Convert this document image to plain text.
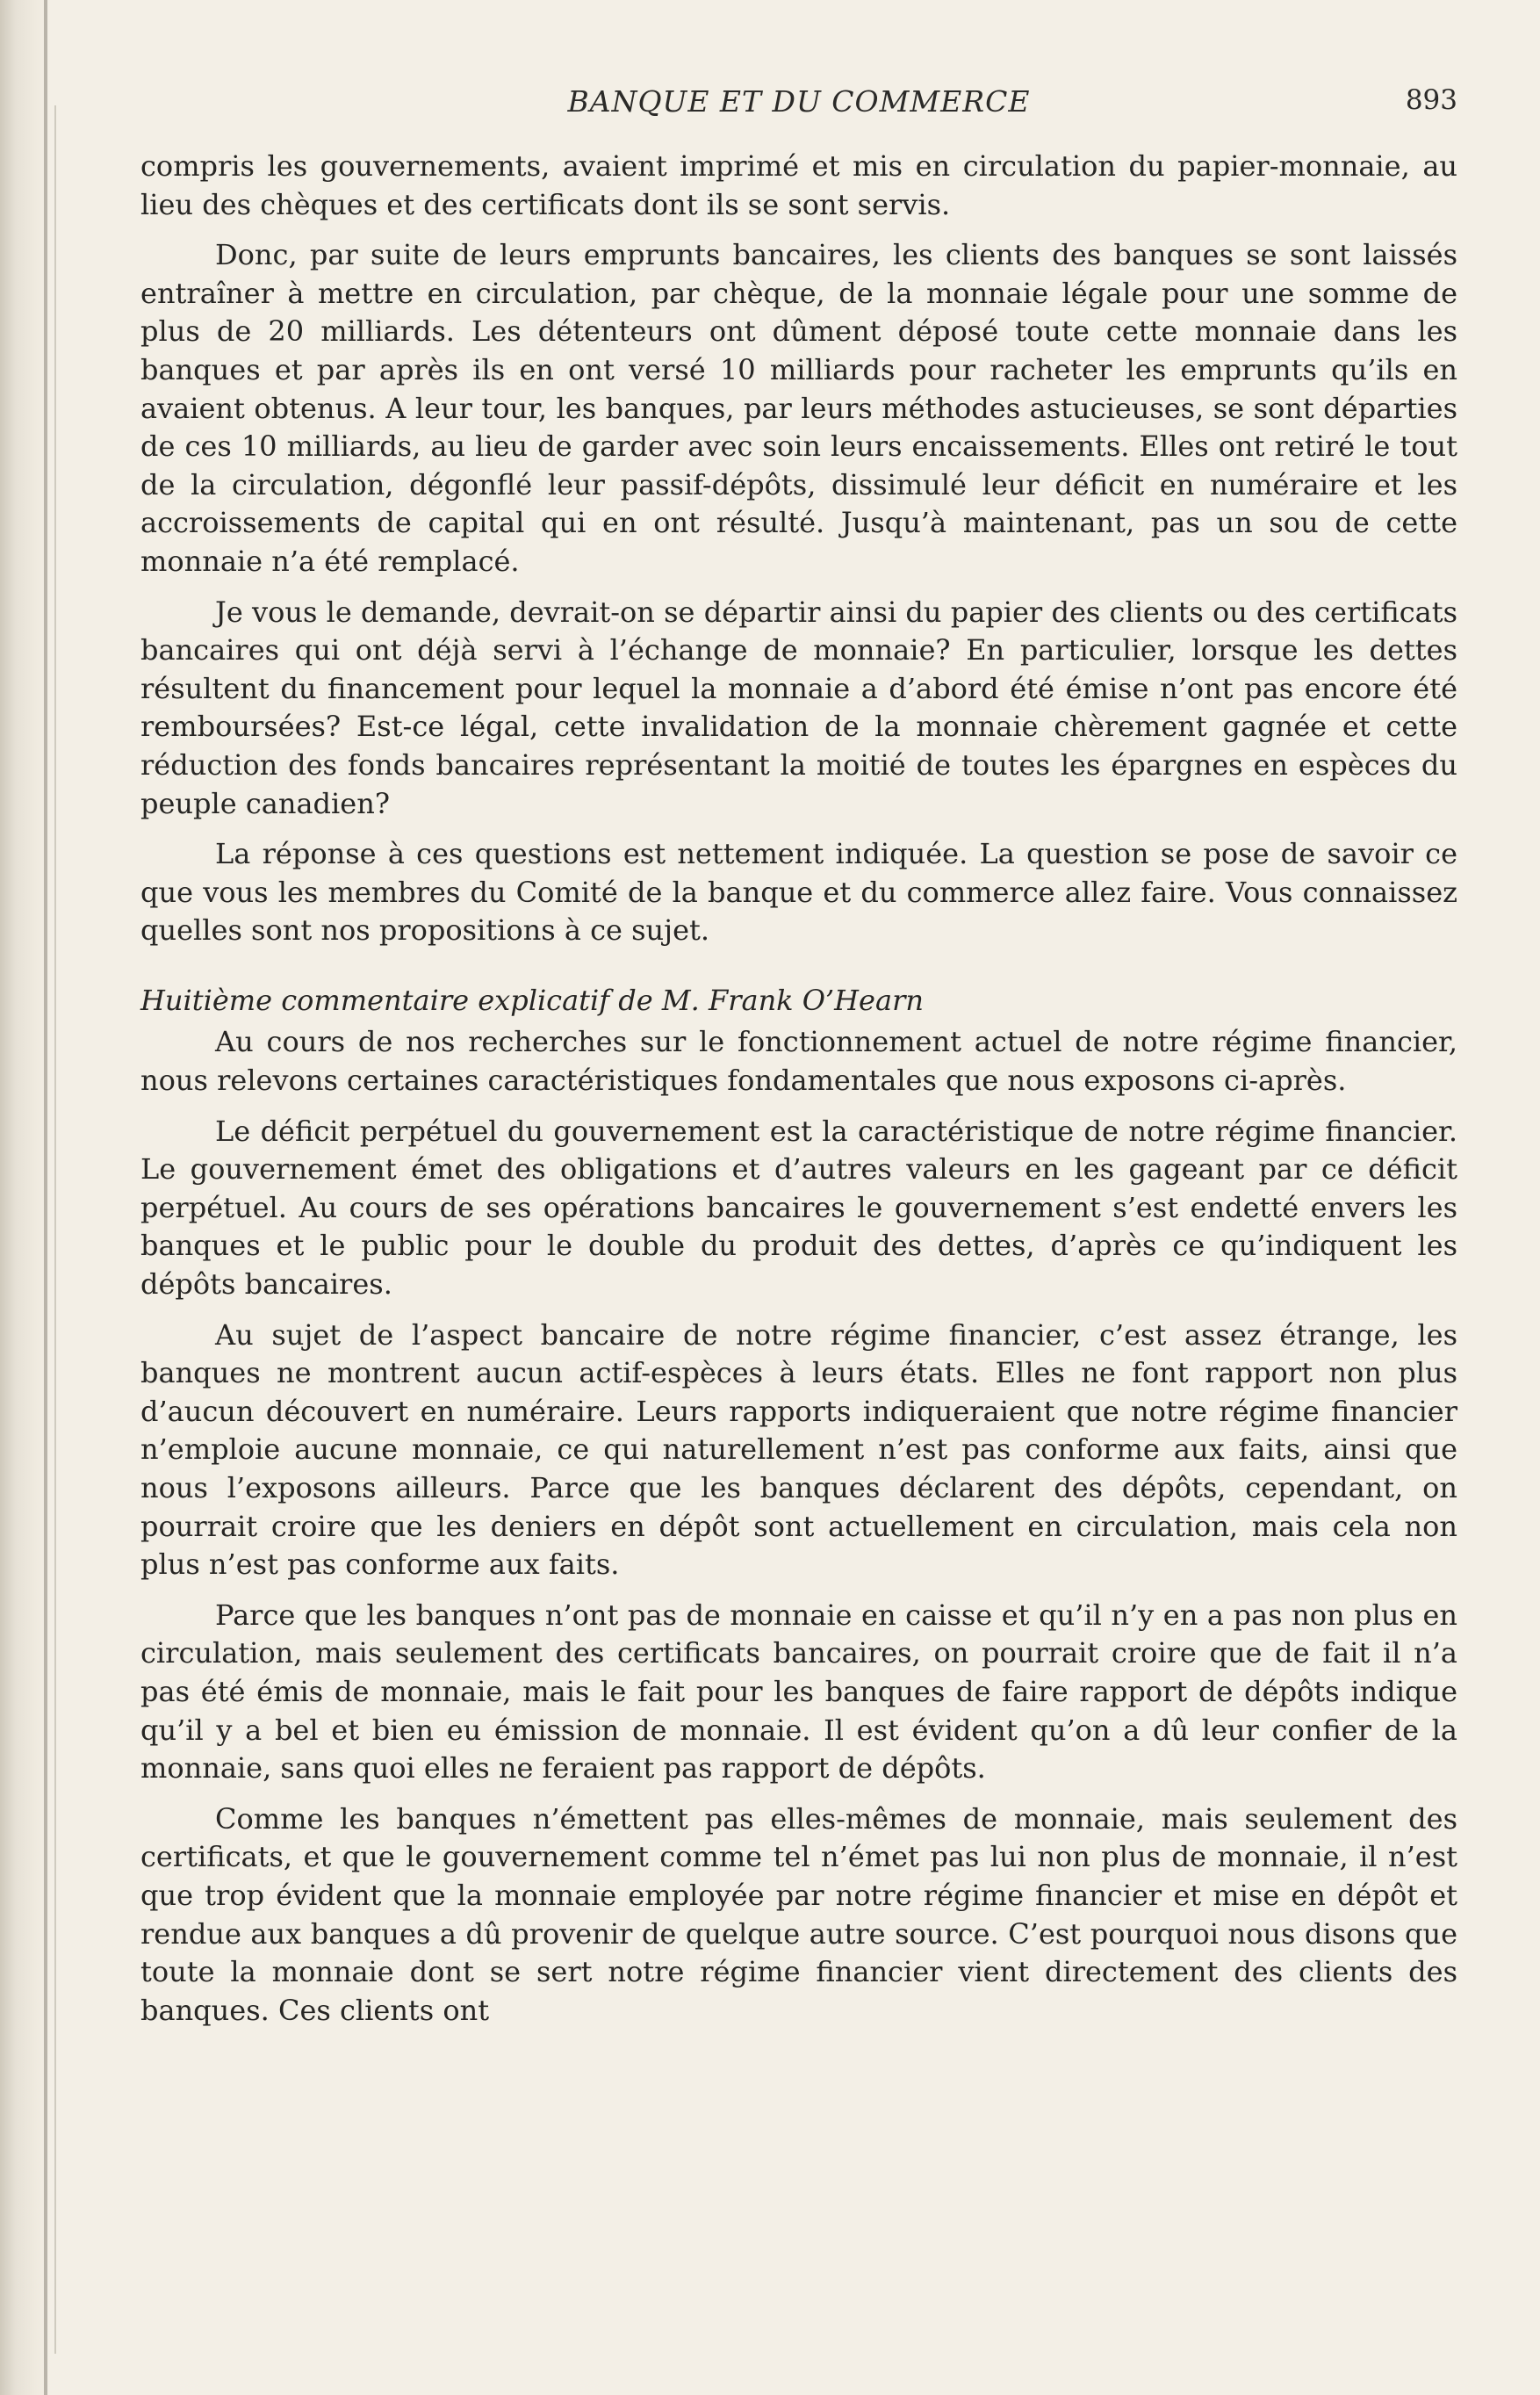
BANQUE ET DU COMMERCE	893

compris les gouvernements, avaient imprimé et mis en circulation du papier-monnaie, au lieu des chèques et des certificats dont ils se sont servis.

Donc, par suite de leurs emprunts bancaires, les clients des banques se sont laissés entraîner à mettre en circulation, par chèque, de la monnaie légale pour une somme de plus de 20 milliards. Les détenteurs ont dûment déposé toute cette monnaie dans les banques et par après ils en ont versé 10 milliards pour racheter les emprunts qu’ils en avaient obtenus. A leur tour, les banques, par leurs méthodes astucieuses, se sont départies de ces 10 milliards, au lieu de garder avec soin leurs encaissements. Elles ont retiré le tout de la circulation, dégonflé leur passif-dépôts, dissimulé leur déficit en numéraire et les accroissements de capital qui en ont résulté. Jusqu’à maintenant, pas un sou de cette monnaie n’a été remplacé.

Je vous le demande, devrait-on se départir ainsi du papier des clients ou des certificats bancaires qui ont déjà servi à l’échange de monnaie? En particulier, lorsque les dettes résultent du financement pour lequel la monnaie a d’abord été émise n’ont pas encore été remboursées? Est-ce légal, cette invalidation de la monnaie chèrement gagnée et cette réduction des fonds bancaires représentant la moitié de toutes les épargnes en espèces du peuple canadien?

La réponse à ces questions est nettement indiquée. La question se pose de savoir ce que vous les membres du Comité de la banque et du commerce allez faire. Vous connaissez quelles sont nos propositions à ce sujet.

Huitième commentaire explicatif de M. Frank O’Hearn

Au cours de nos recherches sur le fonctionnement actuel de notre régime financier, nous relevons certaines caractéristiques fondamentales que nous exposons ci-après.

Le déficit perpétuel du gouvernement est la caractéristique de notre régime financier. Le gouvernement émet des obligations et d’autres valeurs en les gageant par ce déficit perpétuel. Au cours de ses opérations bancaires le gouvernement s’est endetté envers les banques et le public pour le double du produit des dettes, d’après ce qu’indiquent les dépôts bancaires.

Au sujet de l’aspect bancaire de notre régime financier, c’est assez étrange, les banques ne montrent aucun actif-espèces à leurs états. Elles ne font rapport non plus d’aucun découvert en numéraire. Leurs rapports indiqueraient que notre régime financier n’emploie aucune monnaie, ce qui naturellement n’est pas conforme aux faits, ainsi que nous l’exposons ailleurs. Parce que les banques déclarent des dépôts, cependant, on pourrait croire que les deniers en dépôt sont actuellement en circulation, mais cela non plus n’est pas conforme aux faits.

Parce que les banques n’ont pas de monnaie en caisse et qu’il n’y en a pas non plus en circulation, mais seulement des certificats bancaires, on pourrait croire que de fait il n’a pas été émis de monnaie, mais le fait pour les banques de faire rapport de dépôts indique qu’il y a bel et bien eu émission de monnaie. Il est évident qu’on a dû leur confier de la monnaie, sans quoi elles ne feraient pas rapport de dépôts.

Comme les banques n’émettent pas elles-mêmes de monnaie, mais seulement des certificats, et que le gouvernement comme tel n’émet pas lui non plus de monnaie, il n’est que trop évident que la monnaie employée par notre régime financier et mise en dépôt et rendue aux banques a dû provenir de quelque autre source. C’est pourquoi nous disons que toute la monnaie dont se sert notre régime financier vient directement des clients des banques. Ces clients ont
